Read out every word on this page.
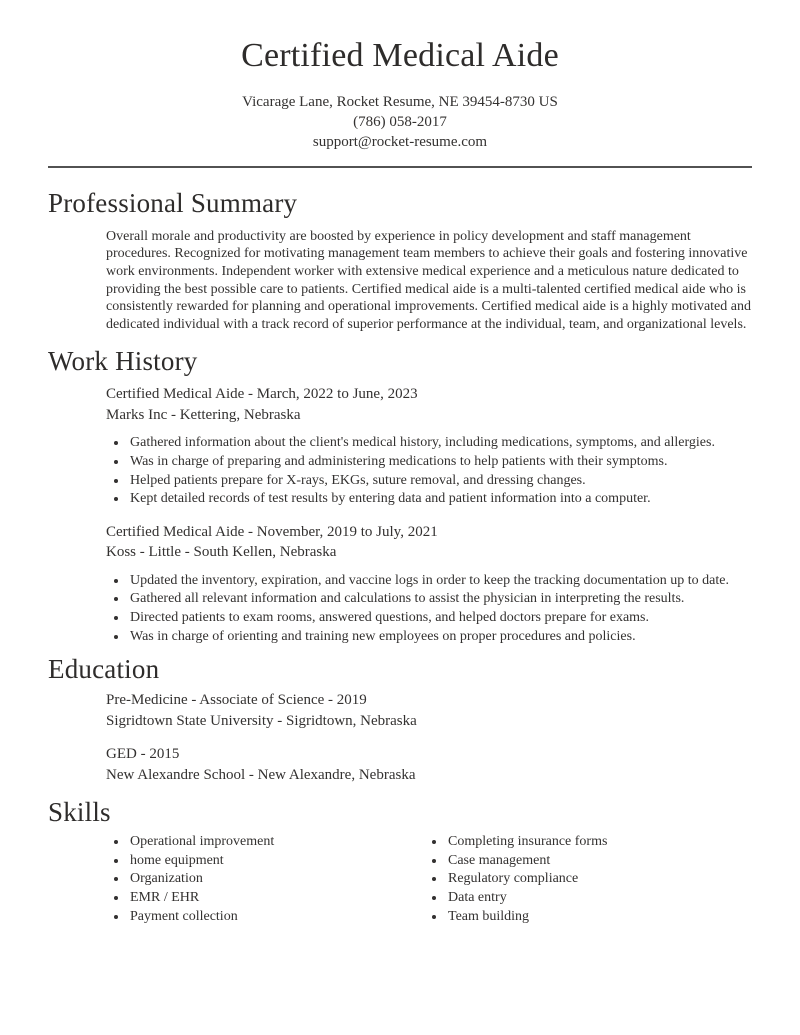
Certified Medical Aide
Vicarage Lane, Rocket Resume, NE 39454-8730 US
(786) 058-2017
support@rocket-resume.com
Professional Summary

Overall morale and productivity are boosted by experience in policy development and staff management procedures. Recognized for motivating management team members to achieve their goals and fostering innovative work environments. Independent worker with extensive medical experience and a meticulous nature dedicated to providing the best possible care to patients. Certified medical aide is a multi-talented certified medical aide who is consistently rewarded for planning and operational improvements. Certified medical aide is a highly motivated and dedicated individual with a track record of superior performance at the individual, team, and organizational levels.

Work History
Certified Medical Aide - March, 2022 to June, 2023
Marks Inc - Kettering, Nebraska
• Gathered information about the client's medical history, including medications, symptoms, and allergies.
• Was in charge of preparing and administering medications to help patients with their symptoms.
• Helped patients prepare for X-rays, EKGs, suture removal, and dressing changes.
• Kept detailed records of test results by entering data and patient information into a computer.
Certified Medical Aide - November, 2019 to July, 2021
Koss - Little - South Kellen, Nebraska
• Updated the inventory, expiration, and vaccine logs in order to keep the tracking documentation up to date.
• Gathered all relevant information and calculations to assist the physician in interpreting the results.
• Directed patients to exam rooms, answered questions, and helped doctors prepare for exams.
• Was in charge of orienting and training new employees on proper procedures and policies.
Education
Pre-Medicine - Associate of Science - 2019
Sigridtown State University - Sigridtown, Nebraska
GED - 2015
New Alexandre School - New Alexandre, Nebraska
Skills
• Operational improvement
• home equipment
• Organization
• EMR / EHR
• Payment collection
• Completing insurance forms
• Case management
• Regulatory compliance
• Data entry
• Team building
